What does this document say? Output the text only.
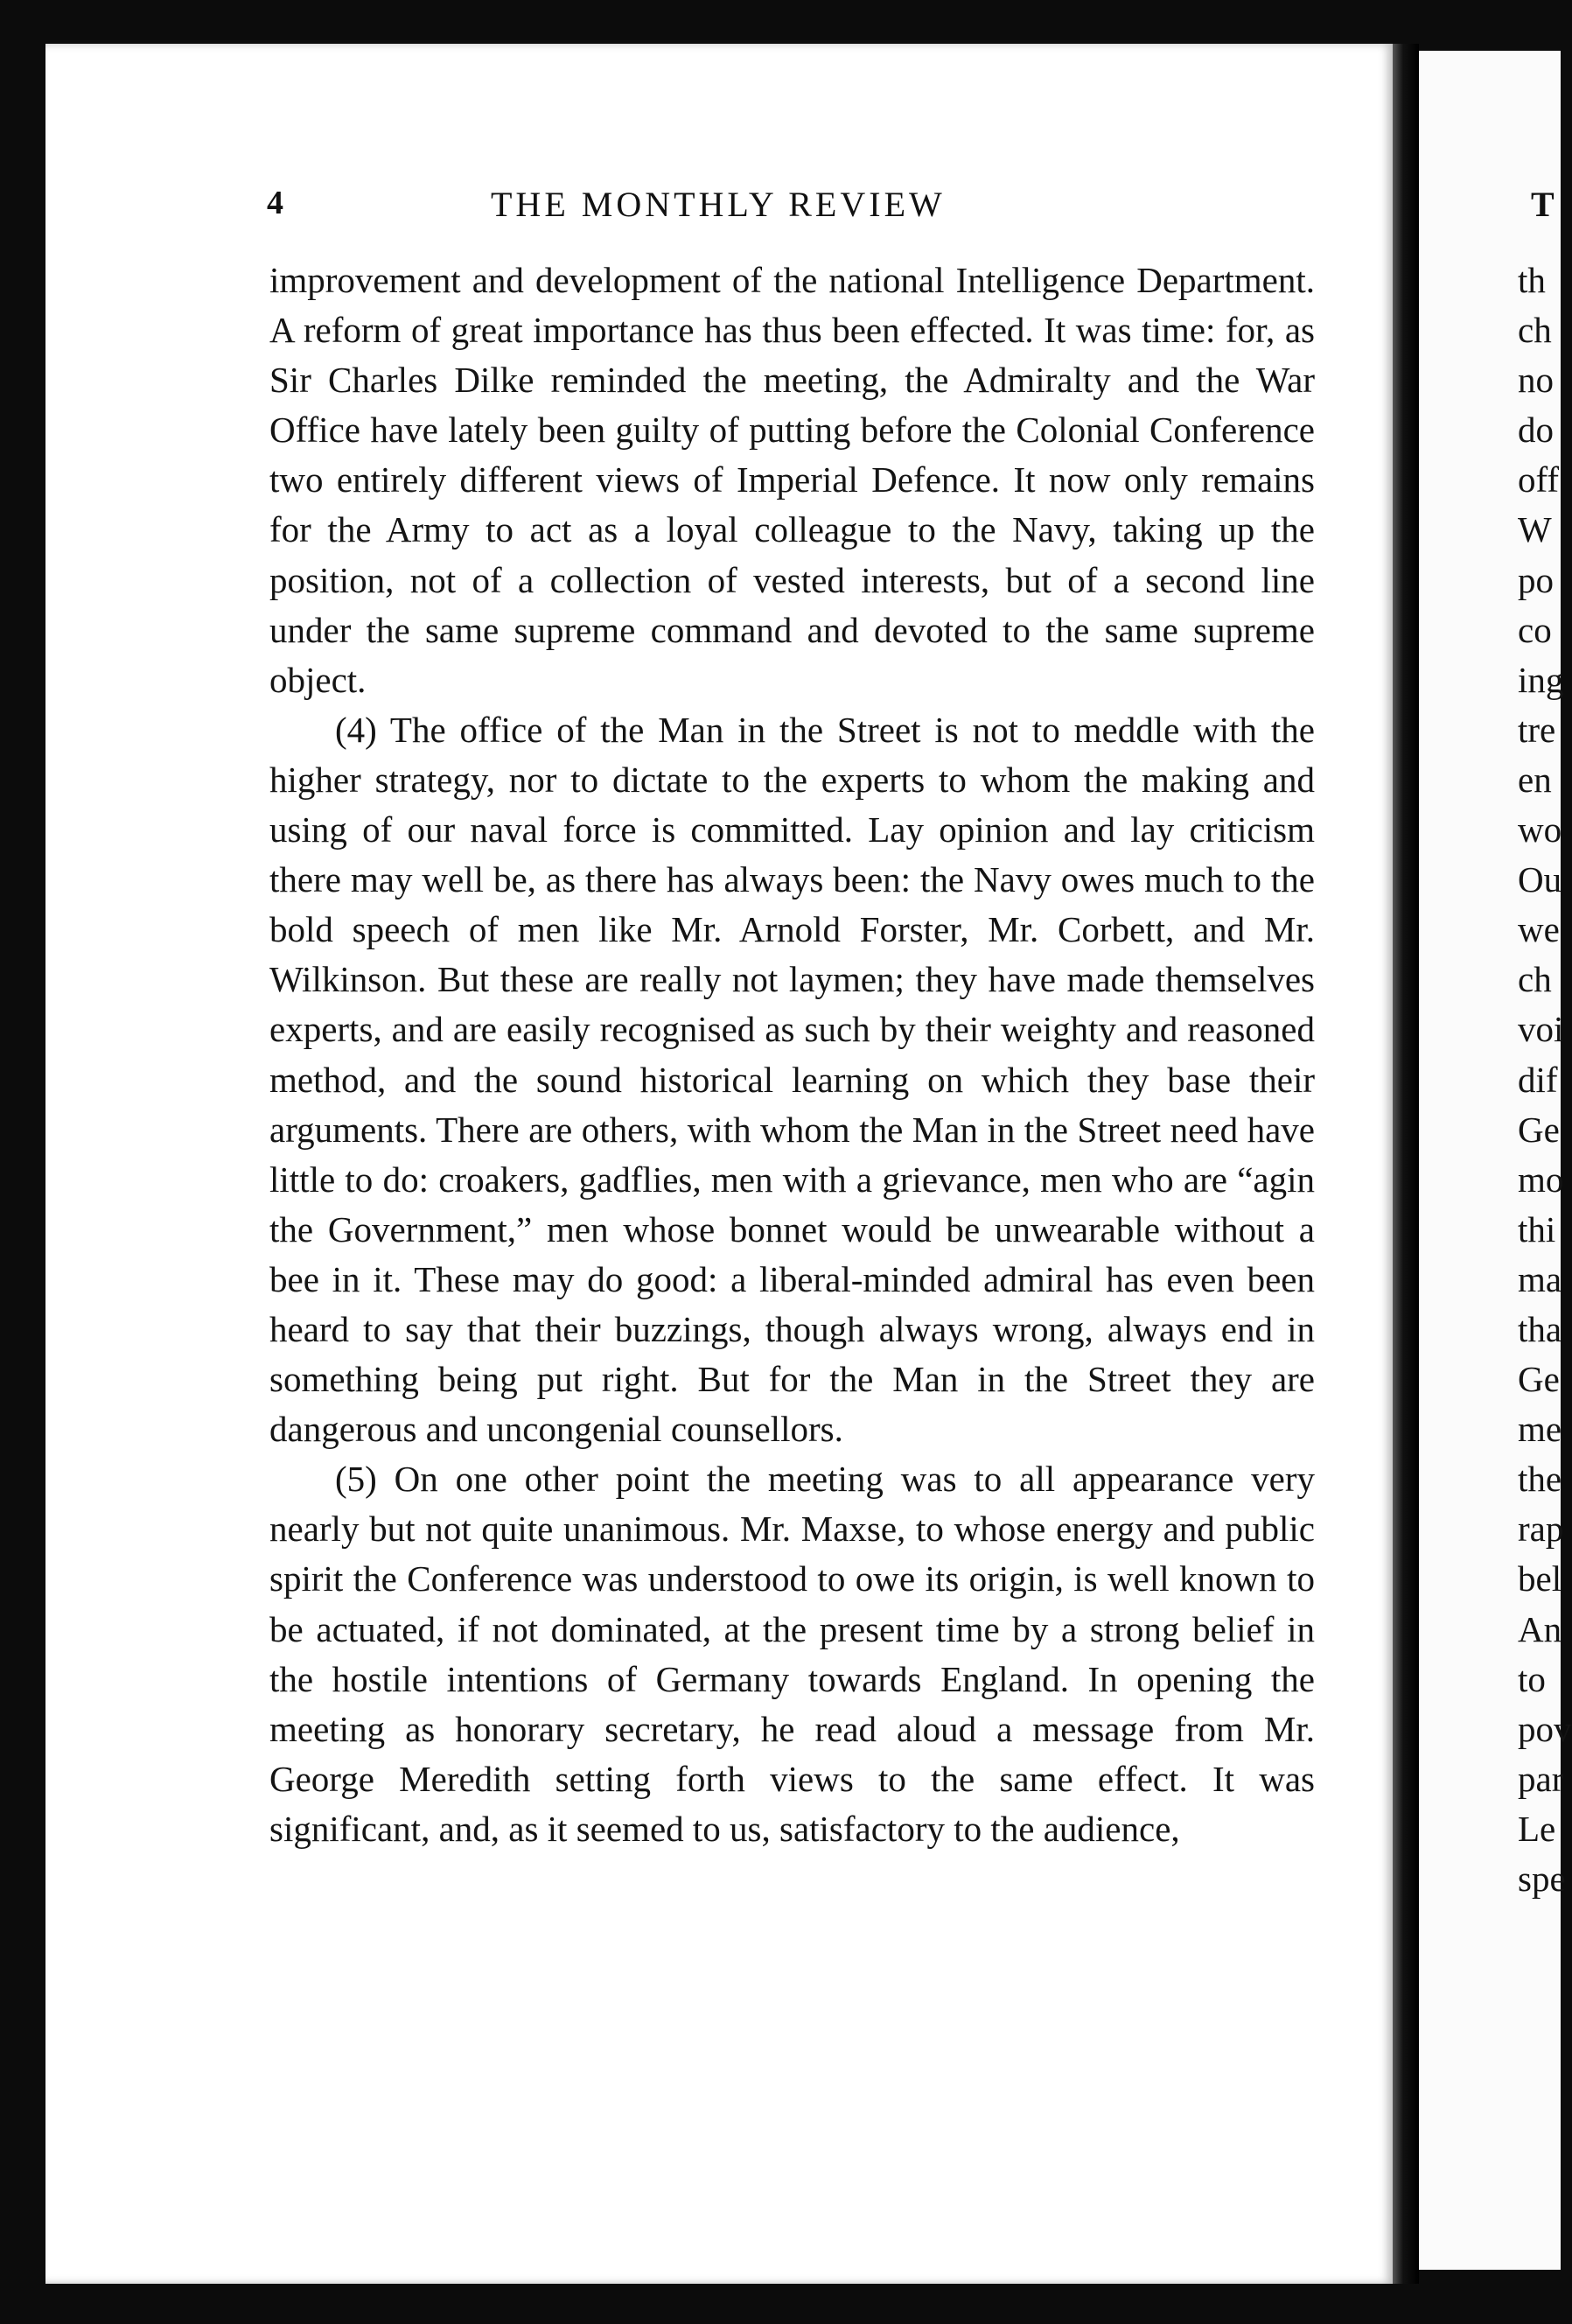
4	THE MONTHLY REVIEW

improvement and development of the national Intelligence Department. A reform of great importance has thus been effected. It was time: for, as Sir Charles Dilke reminded the meeting, the Admiralty and the War Office have lately been guilty of putting before the Colonial Conference two entirely different views of Imperial Defence. It now only remains for the Army to act as a loyal colleague to the Navy, taking up the position, not of a collection of vested interests, but of a second line under the same supreme command and devoted to the same supreme object.

(4) The office of the Man in the Street is not to meddle with the higher strategy, nor to dictate to the experts to whom the making and using of our naval force is committed. Lay opinion and lay criticism there may well be, as there has always been: the Navy owes much to the bold speech of men like Mr. Arnold Forster, Mr. Corbett, and Mr. Wilkinson. But these are really not laymen; they have made themselves experts, and are easily recognised as such by their weighty and reasoned method, and the sound historical learning on which they base their arguments. There are others, with whom the Man in the Street need have little to do: croakers, gadflies, men with a grievance, men who are “agin the Government,” men whose bonnet would be unwearable without a bee in it. These may do good: a liberal-minded admiral has even been heard to say that their buzzings, though always wrong, always end in something being put right. But for the Man in the Street they are dangerous and uncongenial counsellors.

(5) On one other point the meeting was to all appearance very nearly but not quite unanimous. Mr. Maxse, to whose energy and public spirit the Conference was understood to owe its origin, is well known to be actuated, if not dominated, at the present time by a strong belief in the hostile intentions of Germany towards England. In opening the meeting as honorary secretary, he read aloud a message from Mr. George Meredith setting forth views to the same effect. It was significant, and, as it seemed to us, satisfactory to the audience,

T
th
ch
no
do
off
W
po
co
ing
tre
en
wo
Ou
we
ch
voi
dif
Ge
mo
thi
ma
tha
Ge
me
the
rap
bel
An
to
pov
par
Le
spe
